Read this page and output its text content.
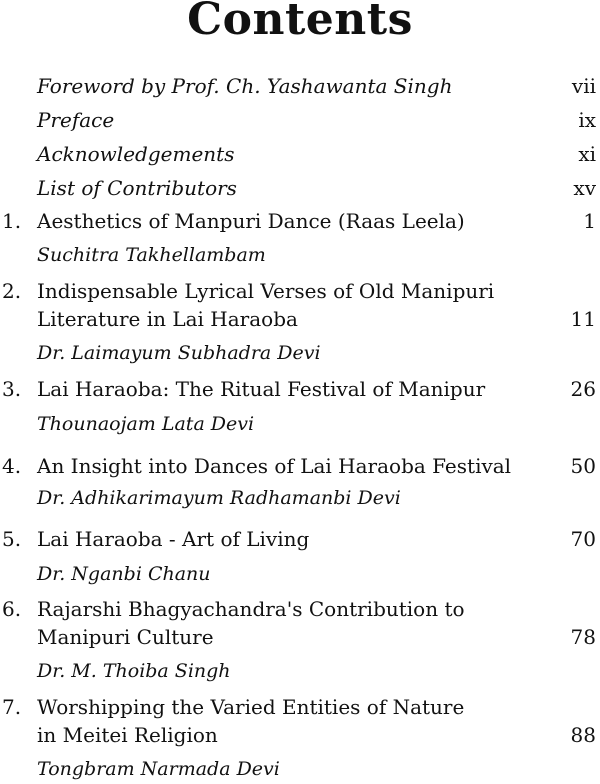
Contents
Foreword by Prof. Ch. Yashawanta Singh	vii
Preface	ix
Acknowledgements	xi
List of Contributors	xv
1. Aesthetics of Manpuri Dance (Raas Leela)	1
Suchitra Takhellambam
2. Indispensable Lyrical Verses of Old Manipuri
Literature in Lai Haraoba	11
Dr. Laimayum Subhadra Devi
3. Lai Haraoba: The Ritual Festival of Manipur	26
Thounaojam Lata Devi
4. An Insight into Dances of Lai Haraoba Festival	50
Dr. Adhikarimayum Radhamanbi Devi
5. Lai Haraoba - Art of Living	70
Dr. Nganbi Chanu
6. Rajarshi Bhagyachandra's Contribution to
Manipuri Culture	78
Dr. M. Thoiba Singh
7. Worshipping the Varied Entities of Nature
in Meitei Religion	88
Tongbram Narmada Devi
